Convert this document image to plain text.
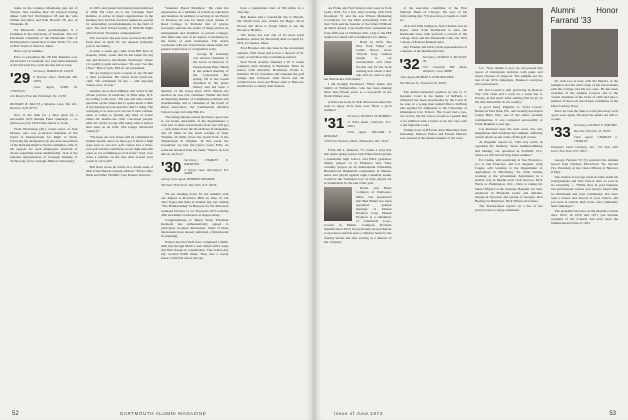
home in the Catalina Mountains just out of Tucson. One evening they all enjoyed having dinner with Sid Worthington '28 and his wife Wilma and Alice and Paul Howell '28, also in Winnetka, Ill.

Ed Maxwell's oldest granddaughter is a freshman at the University of Vermont. The Job Placement Chairman of the Dartmouth Club of Northwestern Connecticut is Ken Travis '57, son of Bob Travis of Newton, Mass.

Have a good summer.

Prior to preceding the '28 Fall Reunion over the October 12 weekend, two class mini-reunions at the Norwich Inn, write the line before long.

'29 Secretary, HAROLD H. LEICH
8 Tiverton Place, Bethesda, Md. 20034
Class Agent, JOHN M. COSTELLO
222 Bowery Pine Rd. Pittsburgh, Pa. 15238
RICHARD H. BALCH, 4 Meadow Lane, Box 491, Hanover, N.H. 03755

Now is the time for a final push for a successful 1974 Alumni Fund campaign — so please put your 1974 Fund dollars to work.

From Harrisburg (Pa.) comes news of Jack Mosser, who was re-elected chairman of the board of Pennsylvania for Right to Work, following his designation by the state association of the National Right to Work Committee. One of his support for such employees' freedom of choice regarding union membership. Jack is the national representative of Carnegie Institute of Technology (now Carnegie Mellon University).

in 1925, and joined the Pennsylvania Railroad in 1926. He went on to the Carnegie Steel Institute, is active in many organizations in the Reading area and has received numerous awards for outstanding accomplishments in the field of labor. The Jack School faculty of 1929-30 might still tell about "Incentive compensation?"

The sad news has just been received that Bill Irwin died on April 22, our deepest sympathy goes to the family.

A letter a week ago came from Bill Kerr in Sequoia, Wash., states that he has taken the big step and moved to the Pueblo Northwest "where it is reality is quiet and serene." He says "we like it fine." Best of luck, Bill, in our retirement.

We are hoping to have a report at our '29 unit to their profession. He writes from Lynwood, Calif. "No retirement for me — still enjoying classes, now 12 year."

Another one is Karl Phillips, still active in the private practice of medicine, in West Islip, N.Y. According to his note, "I'm one and only cardiac specialist on the island has to spend about a little of my hearing-in-your-practice. Ain't a thing. The belonging is so dead you can see it with a kitten, when it comes to getting any kind of action where the health-care chart concerned people. After all, what's wrong with being what it knows there here as an LDC (the longer developed country)?"

"We hope our new house will be completed in another month, since we have got it fixed, a high slope next to our new golf course and a three-hole golf and the Caribbean on our right and with water so we swimming pool in front." Karl, how about a reunion on the new tiles around your pouch in our bond?

Bill Irwin wrote an article in a recent issue of Ohio Farm Bureau Journal entitled, "Fewer Ohio Birds and Other Wildlife" (see Feature Section).

Volunteer Board Members." He cited his experiences as a member of boards in education and business. In addition to serving on our Board of Trustees, he was for many years trustee of Reed College in Portland and of private secondary schools, the author of many articles on management and members of private colleges, who must take care of all aspects of planning for the future of each institution. The article concluded with his observations made under the general supervision of a legislative body.

George H. Kennedy was elected chairman of the board of directors of Pennsylvania Blue Shield at the annual meeting of the corporation this spring. He is the fourth chairman in the plan's history and has been a member of the board since 1955. Before his election he was vice chairman. Wilbur has held an imposing number of community positions and chairmanships and is chairman of the board of Dunn Associates, the Cumberland Medical School Group in Camp Hill, Pa.

The spring-release season has been a good one at our home, mid-plane of the Roadrunners. I took part in three seven-bucks races (we will go) — nine miles down the Nook River in sheepskin, and 20 miles in the north reaches of West Virginia. 20 miles down the South Fork of the Shenandoah in Virginia. In this event the Greenbrier we had fun below Great Falls. As someone shouted from the bank, "There's no fool like an old fool."

'30 Secretary, CHARLEY E. RAYMOND
3 Jennys Lane, Barrington, R.I. 02806
Acting Class Agent, HERBERT MESSIER
330 East 33rd Street, New York, N.Y. 10016

We are winding down for the summer with our dinners at Pocantico Hills on June 15, but don't forget that there is another big one coming "The Homecoming" in Hanover for the Princeton weekend October 11-12. Then into 1975 with the 45th Academic Conference at Aspen Jersey.

Congratulations to Henry Stein, President Kennedy has enthusiastically agreed to participate in panel discussions. Some of these discussions have already indicated a firm interest in attending.

Evelyn and Ted Wolf have completed a 9000-mile trip through Mexico and visited with Louise and Bob Keene in Guadalajara. The twelve-day trip covered 8,000 miles. They also a lovely house 2,200 feet above the city.

have a tremendous view of 300 miles on a clear day.

Bob Keene had a wonderful trip to Hawaii. The Worth have also visited Joe Heger '30 in Tucson and drove to Green Valley to see the Woodrow Holmes.

The Glass has lost one of its most loyal members. Arthur M. Browning died on April 21, 1974, in Chelsea, Mass.

Fred Bronner who has been in the investment business, Wall Street and is now a director of St. Louis, would show like a retirement natural.

Stan Wood recently attended a W. T. Grant Company sales meeting in Bermuda. There he visited with Dorothea Hochstadt, Frank L. Vollmers '30 for Dorothea and attended the golf outings that followed. John Wood and his brother-in-law. Stan and Honor went to Hanover, and Bouvier to satisfy their interest.

52	DARTMOUTH ALUMNI MAGAZINE

are Frank and Fred Watson who were in from Lyme, N.H., for a few days recently with Fred Kessinger '31 and his son Wilson Marketing Coordinator for the Mail Advertising Club of New York and the founder of the famed Wilmont ad Merit Award. Last month Ken completed his forty-fifth year at Wilmont with a trip to the Hill Studios for lunch and to Kimberly's for dinner.

Back in 1976, The New York Times' ad Luther Bacon wrote "Wyvile Gray ordered people to cut carbohydrate and other fat-rich and for his book nothing new about a new unit and we used to play the Nutcracker in Portland."

I am thought Ferdinand "Wild" Kuhn and family of Wilbertsville, who has been making more than fifteen years as a non-profit in the North Walsey area.

A little late is his in. Bob Mason has asked the state to enjoy more than ever. Have a good summer!

'31 Secretary, RUSSELL H. BOBBITT
11 Wiley Road, Charlotte, N.C. 28211
Class Agent, WILLIAM E. REDDIAN
2709 East Newberry Blvd., Milwaukee, Wis. 53211

From Jim L. Ransom, '73, comes a story that this entire spring season Jack Ennis David grades a handsome high school, and Bill's grandson, Shelly, played on at Fireplace Wet. They certainly played on an international Friendship Brotherhood Basketball tournament in Buenos Aires and played against eight Canadian teams. Could be the 'Southport boy' as have played out in Saddleback by the end of the year.

Robin and Hazel Compton of Pentwater, Mich., has announced that Bud Finkel has been appointed general manager of Mound Products Corp. Mound Products is a subsidiary of Chemicals Corp., located in Miami. Compton Products manufactured 1972, he previously served Denver Corporation and has been a division head for the Stanley Works and after serving as a director of the company.

of the executive committee of the First National Bank of Chicago. He says of his forthcoming trip: "I'll also have to hustle to catch up."

Jack and Ellie Sampson, Stan Thomas and Al Taylor came from Dartmouth to hear the Dartmouth Glee Club perform a concert of the College choir and the Dartmouth Club, the 1974 College of Eastern Pennsylvania.

Ray Frankel and Dick Curtis represented us at a reunion of the Dartmouth Club.

'32 Secretary, GEORGE S. MCLEAN, JR.
330 Grasshill Hill Road, Westport, Conn. 06880
Class Agent, ROBERT S. SCHUMACHER
302 Monroe St., Evanston, Ill. 60202

The multi-continental position by the U. S. Supreme Court in the matter of DeFunis v. Odegaard has been propounded by the Court in the case of a young man named Marco DeFunis who applied for admission to the University of Washington Law School. The Court had a pre-law record, but the school would not permit him to be admitted with a better score, his case went to the Supreme Court.

Tommy Lear, Jeff Evans, Pete Hanrahan, Kent Alexander, Marlow Walter and Everett Marrero were present at the annual banquet of the class.

fol... Now, thanks to you, we can present this report of Indonesian holidays with gains and newer releases of adaptors. The samples are the last of our 1974 campaigns. Thanks to everyone who participated.

Dr. Nat Lowell is still practicing in Boston: "my wife Janet and I went on a week trip to Europe, in this April. After retiring first we go on the ship Maastricht in our country."

A good many Pilgrims to "Gold Lavoit" Homes in Fern Park, Fla., and recently developed Laurel Hills, Erie, one of the state's prettiest communities. It was convened successfully at Johns Hopkins a year ago.

Cal Kelstead says the next news day was Magdalene died suddenly this summer, suffering a heart attack as she came off the golf course.

Al Ziegeller reports in, "still very active in operating my business, Texas Alumina-Mining and Mining, our operation in Fairfield, N.J., where we will have Irving Jones' number."

Ed Clarke, still practicing in San Francisco, Ca. is San Francisco and Los Angeles. John Cappio still working at the Department of Agriculture in Harrisburg, Pa. Dick Jordan, working at the government department in a sizable way in middle level civil services. Dick Ferris in Washington, D.C., Dick is taking his Senior Physics at the Veterans Hospital. Dr. Karl Anderson in Elizabeth writes and remains, though in Syracuse and sprang of Georgia, Don Buckley in Baltimore, Dick Wilson and others.

The Twenty-three reports on a few of the several ways to enjoy retirement.

Alumni Honor Farrand '33

Dr. Jack Lee is busy with the Physics of the Arlington and the wide range of his involvement with the College and his two sons. He has been president of the Alumni Council and is the current chairman of the Class of 1933 and also a member of the local association committee of the Third Century Fund.

Since he took the time to write (the best), we'll report soon again. We hope the letters are still to be sent.

'33 Secretary, GEORGE F. STROHM
Box 302, Norwich, Vt. 05055
Class Agent, CHARLES L. CHARLES
Thompson Land Company, Inc., 155 East 44th Street, New York, N.Y. 10017

George Farrand '33 (5) received the Alumni Award from Norman McCulloch '36, Second Vice President of the Class Officers at Hanover in May.

The citation to George reads in some detail his undergraduate and Yale School days as well as his versatility — "While busy in your business and professional careers you always found time for Dartmouth and your community. You have been a trustee and deacon of your church, and you were in church. Red Cross, and community fund campaigns."

The president has been on the Alumni Council since 1953. In 1970 and 1971 you became president of the Council and have been the Alumni Award Class of 1933.

Issue of June 1974	53
